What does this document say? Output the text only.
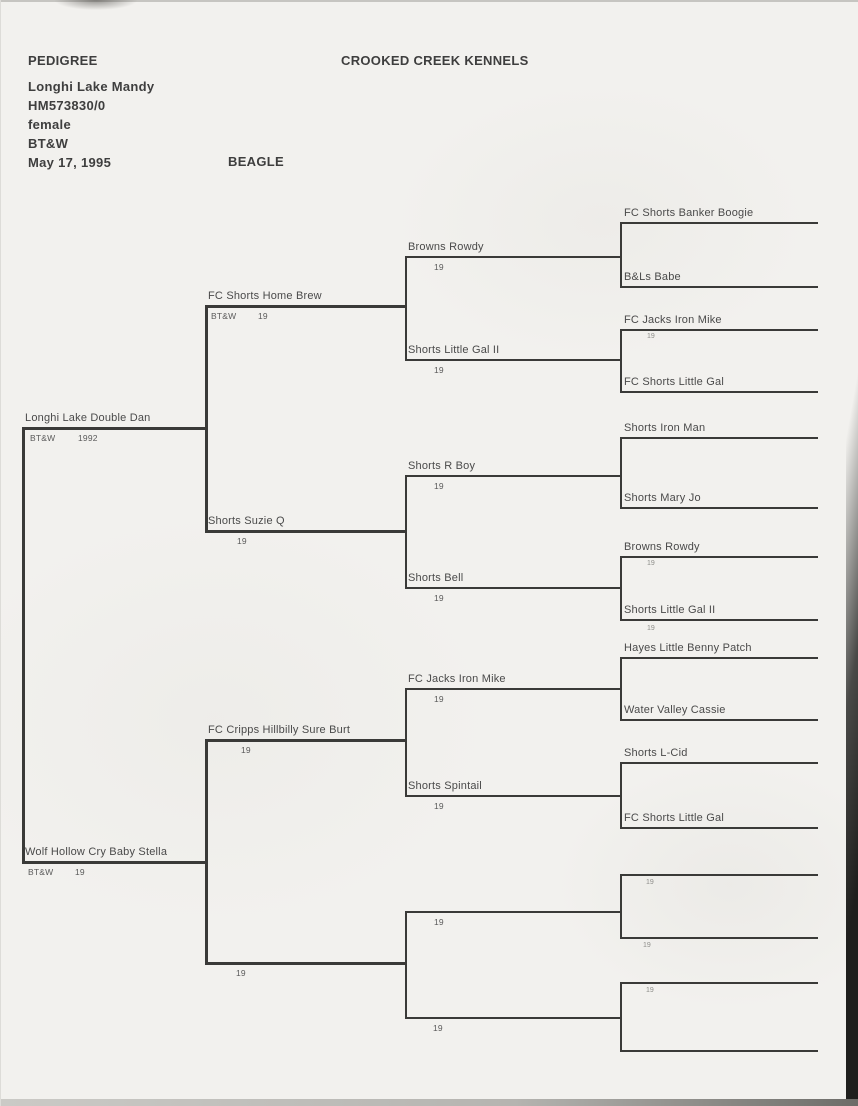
PEDIGREE	CROOKED CREEK KENNELS
Longhi Lake Mandy
HM573830/0
female
BT&W
May 17, 1995	BEAGLE
Longhi Lake Double Dan
BT&W	1992
Wolf Hollow Cry Baby Stella
BT&W	19
FC Shorts Home Brew
BT&W	19
Shorts Suzie Q
19
FC Cripps Hillbilly Sure Burt
19
19
Browns Rowdy
19
Shorts Little Gal II
19
Shorts R Boy
19
Shorts Bell
19
FC Jacks Iron Mike
19
Shorts Spintail
19
19
19
FC Shorts Banker Boogie
B&Ls Babe
FC Jacks Iron Mike
19
FC Shorts Little Gal
Shorts Iron Man
Shorts Mary Jo
Browns Rowdy
19
Shorts Little Gal II
19
Hayes Little Benny Patch
Water Valley Cassie
Shorts L-Cid
FC Shorts Little Gal
19
19
19
